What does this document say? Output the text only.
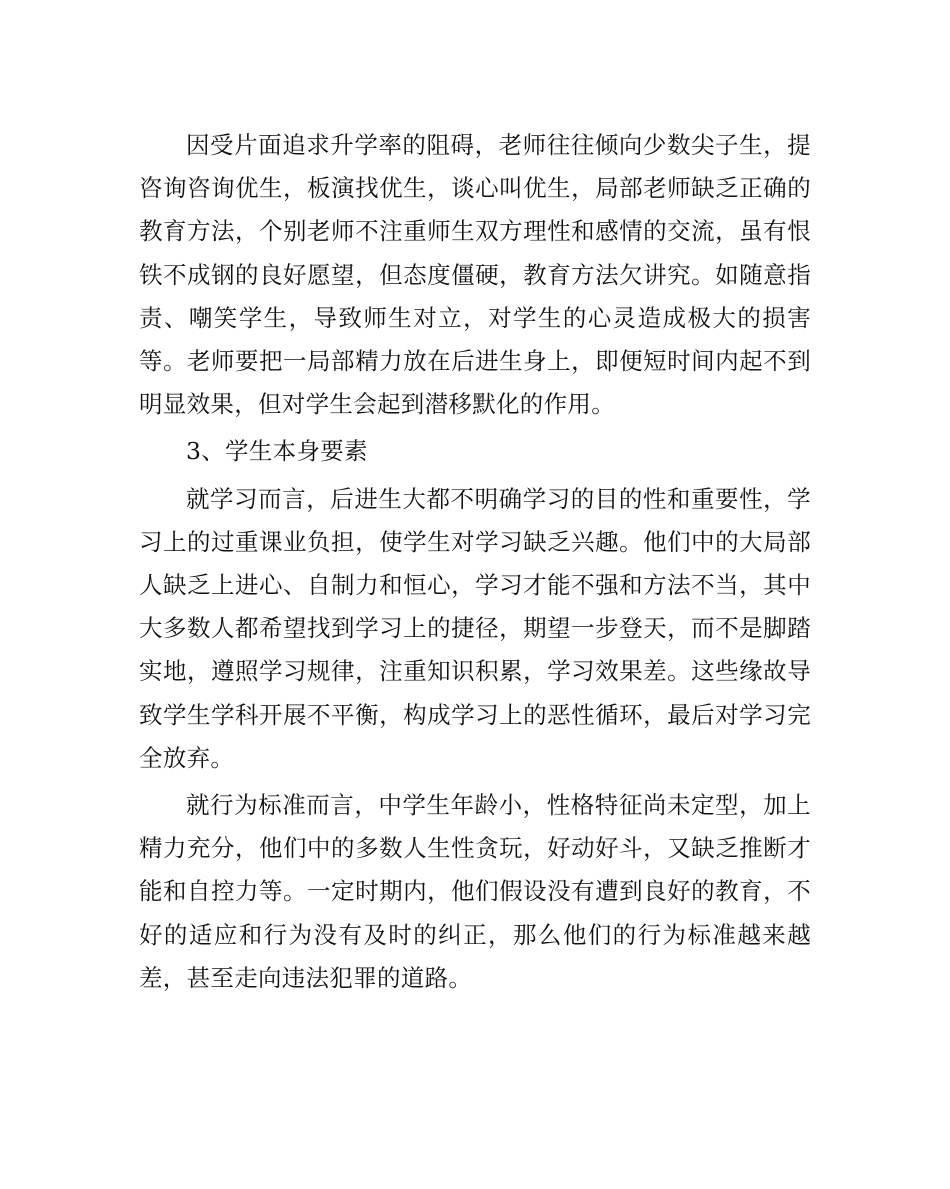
因受片面追求升学率的阻碍，老师往往倾向少数尖子生，提咨询咨询优生，板演找优生，谈心叫优生，局部老师缺乏正确的教育方法，个别老师不注重师生双方理性和感情的交流，虽有恨铁不成钢的良好愿望，但态度僵硬，教育方法欠讲究。如随意指责、嘲笑学生，导致师生对立，对学生的心灵造成极大的损害等。老师要把一局部精力放在后进生身上，即便短时间内起不到明显效果，但对学生会起到潜移默化的作用。

3、学生本身要素

就学习而言，后进生大都不明确学习的目的性和重要性，学习上的过重课业负担，使学生对学习缺乏兴趣。他们中的大局部人缺乏上进心、自制力和恒心，学习才能不强和方法不当，其中大多数人都希望找到学习上的捷径，期望一步登天，而不是脚踏实地，遵照学习规律，注重知识积累，学习效果差。这些缘故导致学生学科开展不平衡，构成学习上的恶性循环，最后对学习完全放弃。

就行为标准而言，中学生年龄小，性格特征尚未定型，加上精力充分，他们中的多数人生性贪玩，好动好斗，又缺乏推断才能和自控力等。一定时期内，他们假设没有遭到良好的教育，不好的适应和行为没有及时的纠正，那么他们的行为标准越来越差，甚至走向违法犯罪的道路。
